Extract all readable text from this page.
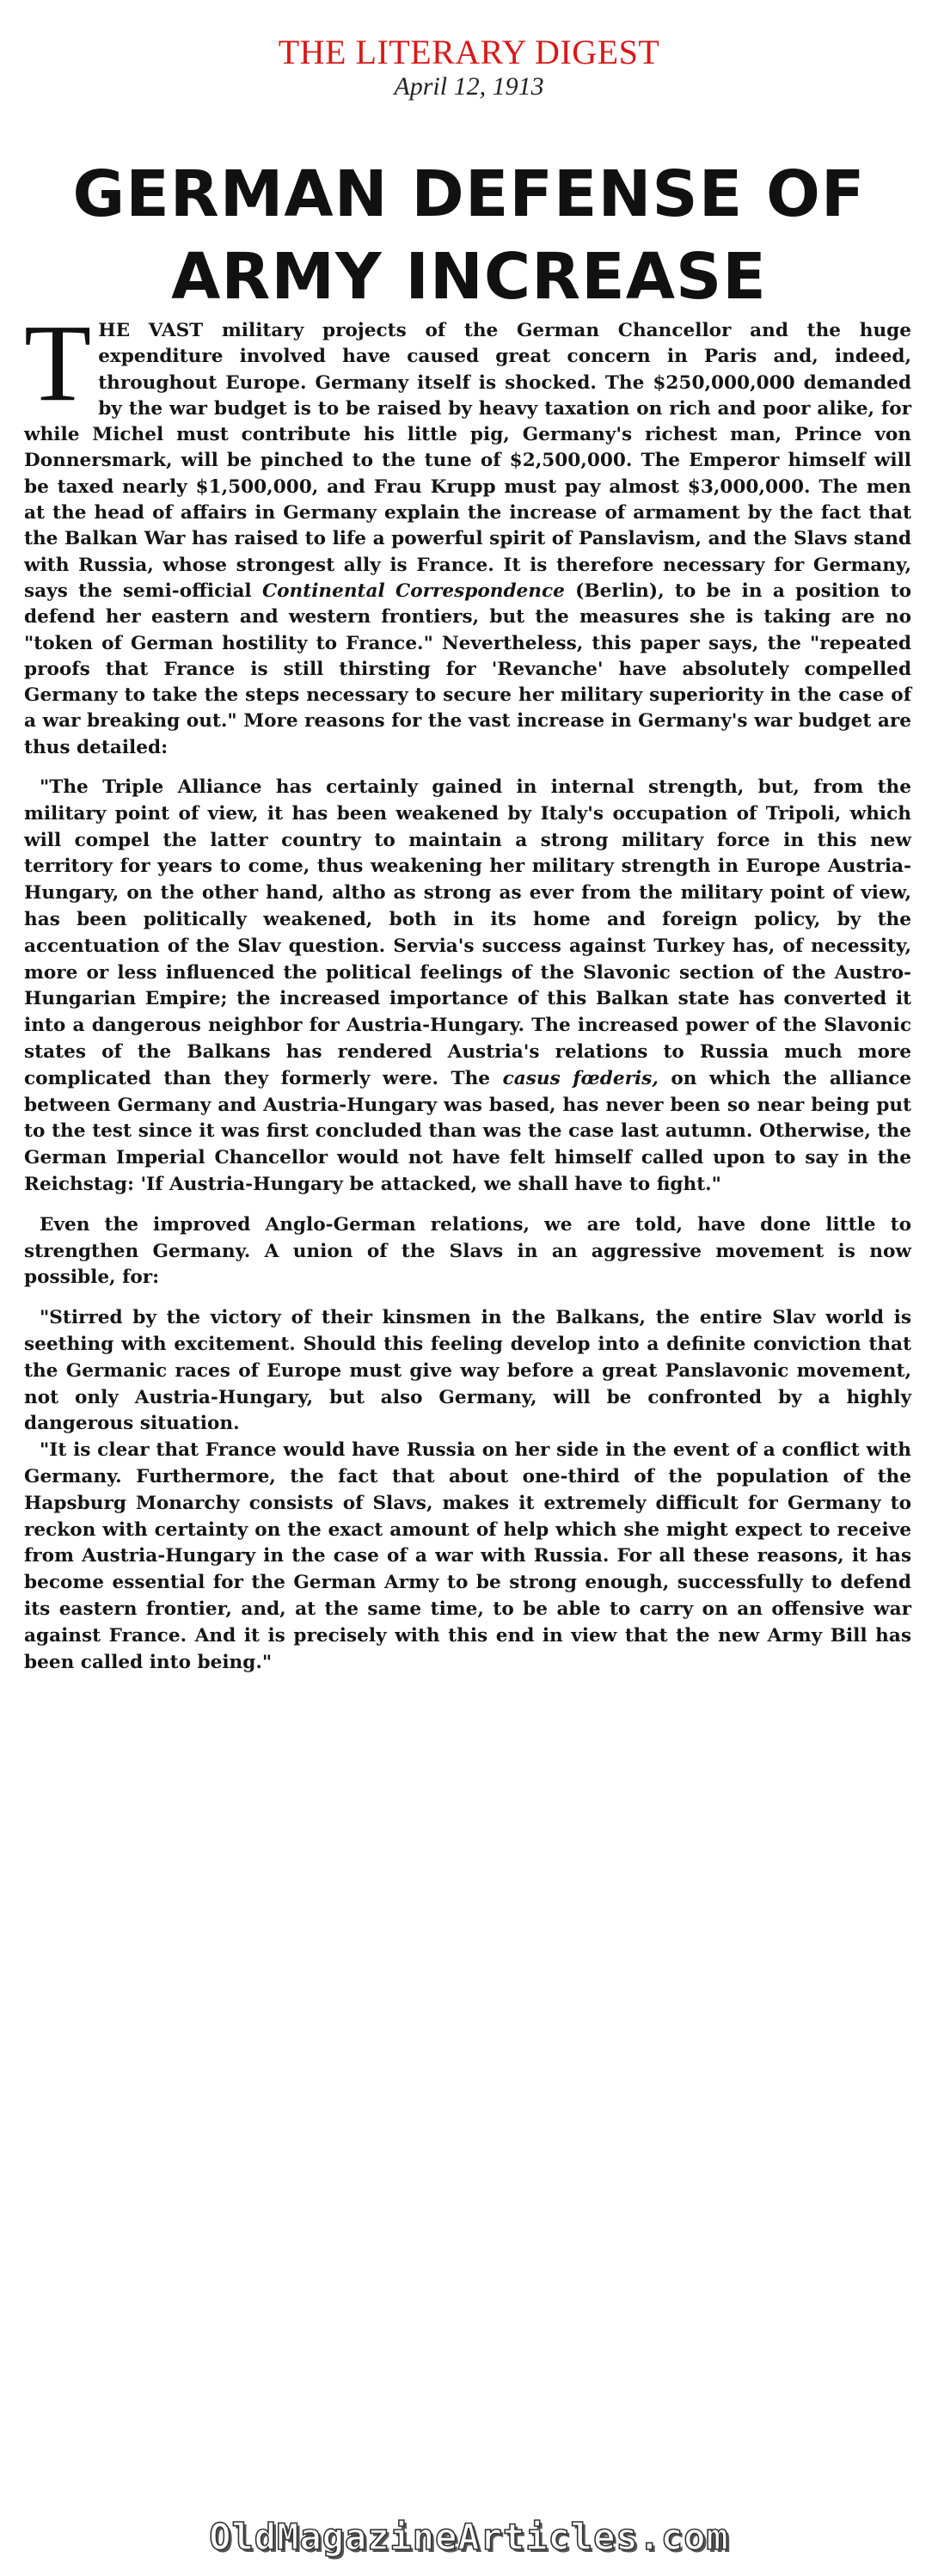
THE LITERARY DIGEST
April 12, 1913
GERMAN DEFENSE OF
ARMY INCREASE

THE VAST military projects of the German Chancellor and the huge expenditure involved have caused great concern in Paris and, indeed, throughout Europe. Germany itself is shocked. The $250,000,000 demanded by the war budget is to be raised by heavy taxation on rich and poor alike, for while Michel must contribute his little pig, Germany's richest man, Prince von Donnersmark, will be pinched to the tune of $2,500,000. The Emperor himself will be taxed nearly $1,500,000, and Frau Krupp must pay almost $3,000,000. The men at the head of affairs in Germany explain the increase of armament by the fact that the Balkan War has raised to life a powerful spirit of Panslavism, and the Slavs stand with Russia, whose strongest ally is France. It is therefore necessary for Germany, says the semi-official Continental Correspondence (Berlin), to be in a position to defend her eastern and western frontiers, but the measures she is taking are no "token of German hostility to France." Nevertheless, this paper says, the "repeated proofs that France is still thirsting for 'Revanche' have absolutely compelled Germany to take the steps necessary to secure her military superiority in the case of a war breaking out." More reasons for the vast increase in Germany's war budget are thus detailed:

"The Triple Alliance has certainly gained in internal strength, but, from the military point of view, it has been weakened by Italy's occupation of Tripoli, which will compel the latter country to maintain a strong military force in this new territory for years to come, thus weakening her military strength in Europe Austria-Hungary, on the other hand, altho as strong as ever from the military point of view, has been politically weakened, both in its home and foreign policy, by the accentuation of the Slav question. Servia's success against Turkey has, of necessity, more or less influenced the political feelings of the Slavonic section of the Austro-Hungarian Empire; the increased importance of this Balkan state has converted it into a dangerous neighbor for Austria-Hungary. The increased power of the Slavonic states of the Balkans has rendered Austria's relations to Russia much more complicated than they formerly were. The casus fœderis, on which the alliance between Germany and Austria-Hungary was based, has never been so near being put to the test since it was first concluded than was the case last autumn. Otherwise, the German Imperial Chancellor would not have felt himself called upon to say in the Reichstag: 'If Austria-Hungary be attacked, we shall have to fight."

Even the improved Anglo-German relations, we are told, have done little to strengthen Germany. A union of the Slavs in an aggressive movement is now possible, for:

"Stirred by the victory of their kinsmen in the Balkans, the entire Slav world is seething with excitement. Should this feeling develop into a definite conviction that the Germanic races of Europe must give way before a great Panslavonic movement, not only Austria-Hungary, but also Germany, will be confronted by a highly dangerous situation.

"It is clear that France would have Russia on her side in the event of a conflict with Germany. Furthermore, the fact that about one-third of the population of the Hapsburg Monarchy consists of Slavs, makes it extremely difficult for Germany to reckon with certainty on the exact amount of help which she might expect to receive from Austria-Hungary in the case of a war with Russia. For all these reasons, it has become essential for the German Army to be strong enough, successfully to defend its eastern frontier, and, at the same time, to be able to carry on an offensive war against France. And it is precisely with this end in view that the new Army Bill has been called into being."

OldMagazineArticles.com
